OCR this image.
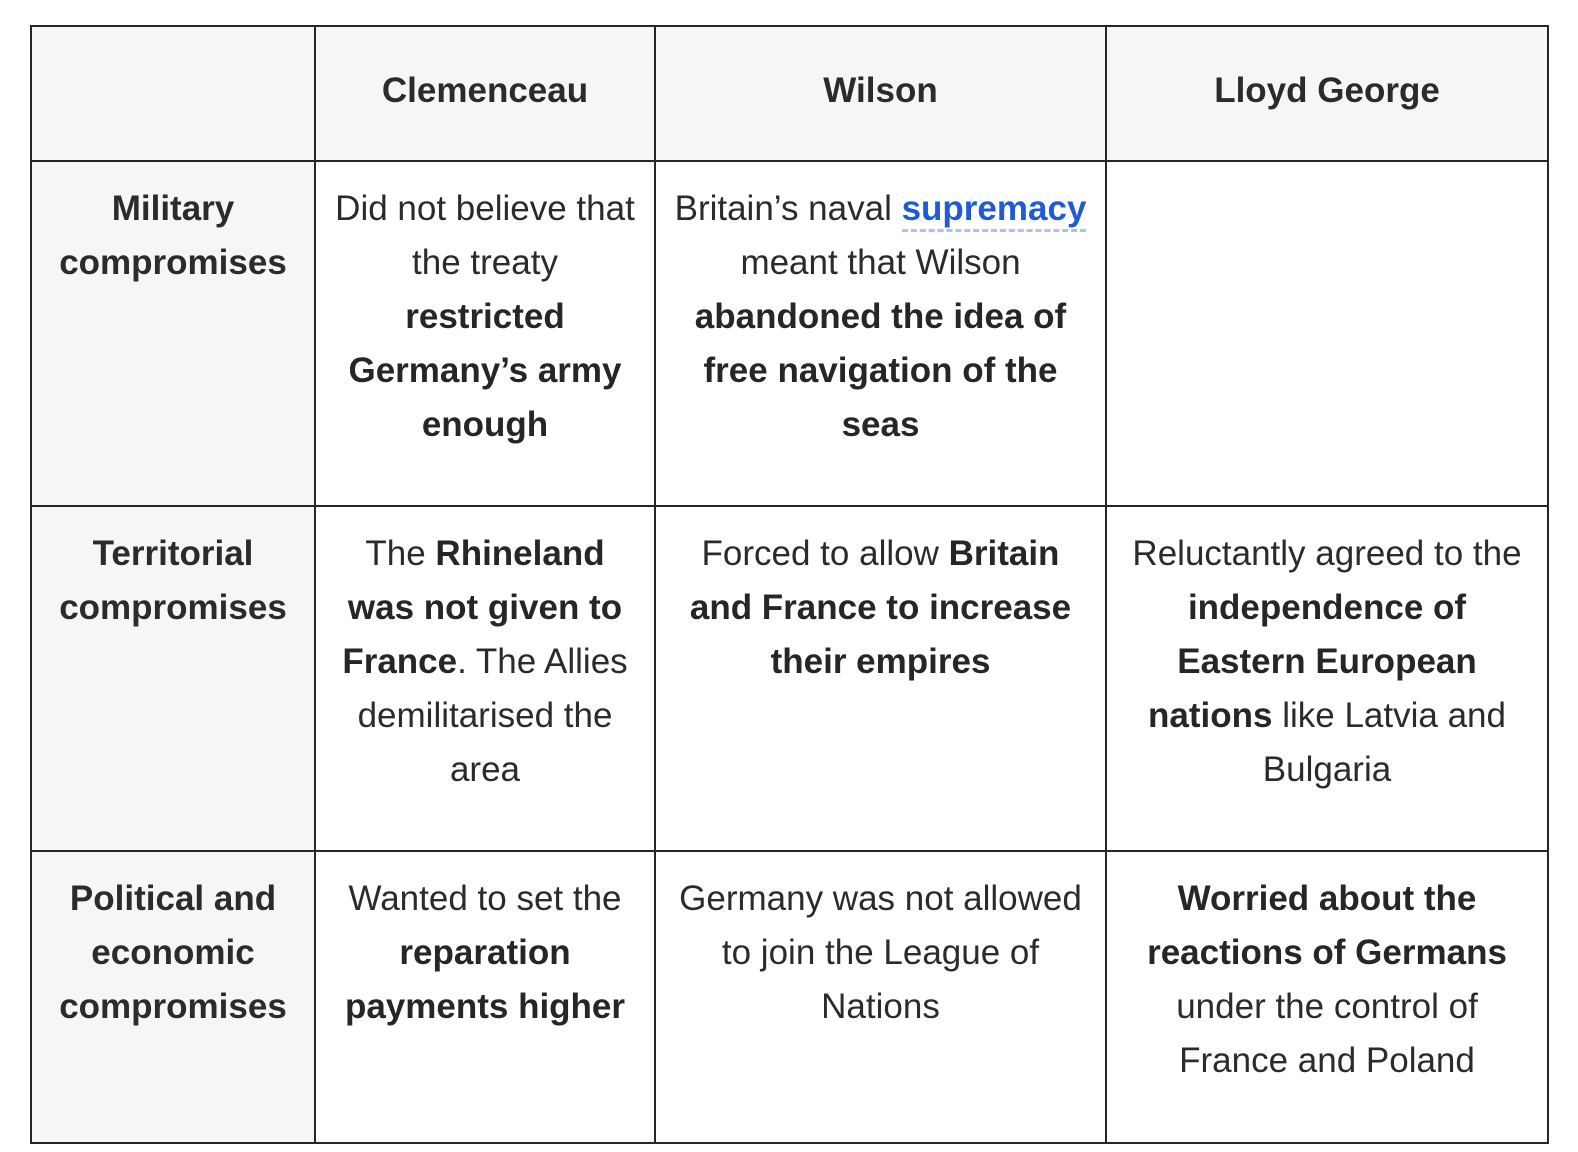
	Clemenceau	Wilson	Lloyd George
Military compromises	Did not believe that the treaty restricted Germany’s army enough	Britain’s naval supremacy meant that Wilson abandoned the idea of free navigation of the seas	
Territorial compromises	The Rhineland was not given to France. The Allies demilitarised the area	Forced to allow Britain and France to increase their empires	Reluctantly agreed to the independence of Eastern European nations like Latvia and Bulgaria
Political and economic compromises	Wanted to set the reparation payments higher	Germany was not allowed to join the League of Nations	Worried about the reactions of Germans under the control of France and Poland
